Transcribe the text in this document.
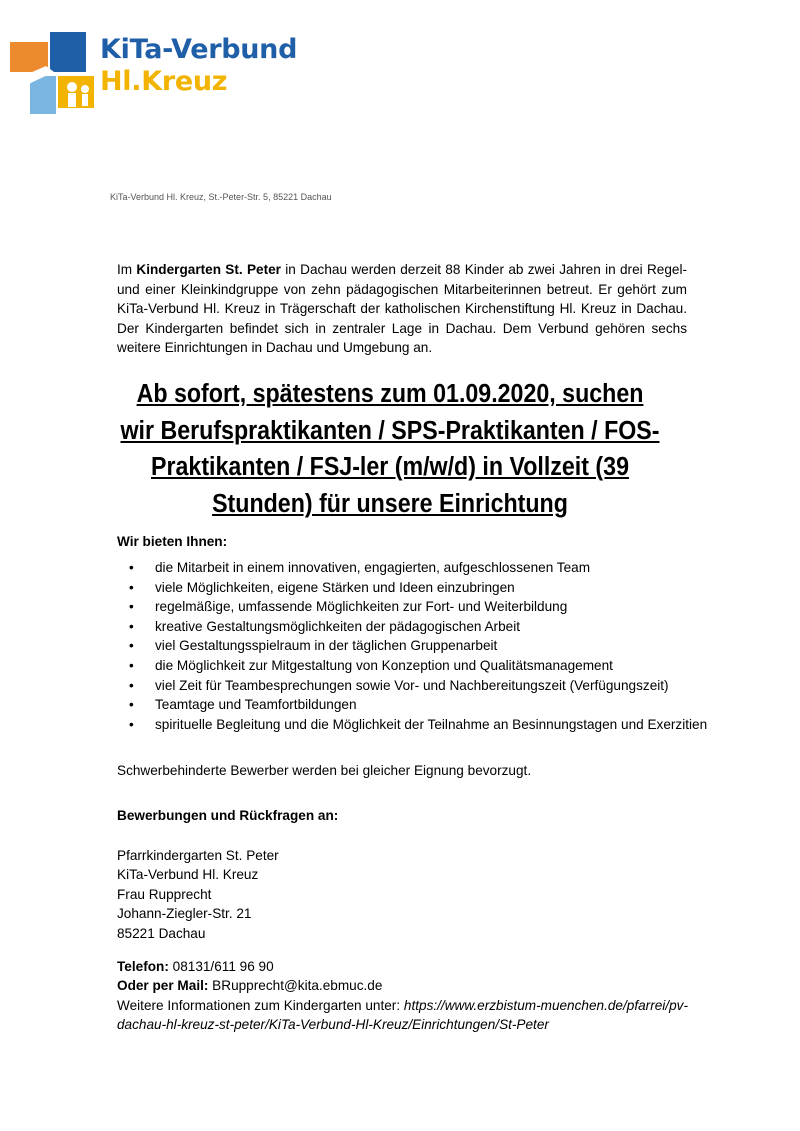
KiTa-Verbund
Hl.Kreuz
KiTa-Verbund Hl. Kreuz, St.-Peter-Str. 5, 85221 Dachau
Im Kindergarten St. Peter in Dachau werden derzeit 88 Kinder ab zwei Jahren in drei Regel- und einer Kleinkindgruppe von zehn pädagogischen Mitarbeiterinnen betreut. Er gehört zum KiTa-Verbund Hl. Kreuz in Trägerschaft der katholischen Kirchenstiftung Hl. Kreuz in Dachau. Der Kindergarten befindet sich in zentraler Lage in Dachau. Dem Verbund gehören sechs weitere Einrichtungen in Dachau und Umgebung an.
Ab sofort, spätestens zum 01.09.2020, suchen wir Berufspraktikanten / SPS-Praktikanten / FOS-Praktikanten / FSJ-ler (m/w/d) in Vollzeit (39 Stunden) für unsere Einrichtung
Wir bieten Ihnen:
• die Mitarbeit in einem innovativen, engagierten, aufgeschlossenen Team
• viele Möglichkeiten, eigene Stärken und Ideen einzubringen
• regelmäßige, umfassende Möglichkeiten zur Fort- und Weiterbildung
• kreative Gestaltungsmöglichkeiten der pädagogischen Arbeit
• viel Gestaltungsspielraum in der täglichen Gruppenarbeit
• die Möglichkeit zur Mitgestaltung von Konzeption und Qualitätsmanagement
• viel Zeit für Teambesprechungen sowie Vor- und Nachbereitungszeit (Verfügungszeit)
• Teamtage und Teamfortbildungen
• spirituelle Begleitung und die Möglichkeit der Teilnahme an Besinnungstagen und Exerzitien
Schwerbehinderte Bewerber werden bei gleicher Eignung bevorzugt.
Bewerbungen und Rückfragen an:
Pfarrkindergarten St. Peter
KiTa-Verbund Hl. Kreuz
Frau Rupprecht
Johann-Ziegler-Str. 21
85221 Dachau
Telefon: 08131/611 96 90
Oder per Mail: BRupprecht@kita.ebmuc.de
Weitere Informationen zum Kindergarten unter: https://www.erzbistum-muenchen.de/pfarrei/pv-dachau-hl-kreuz-st-peter/KiTa-Verbund-Hl-Kreuz/Einrichtungen/St-Peter
